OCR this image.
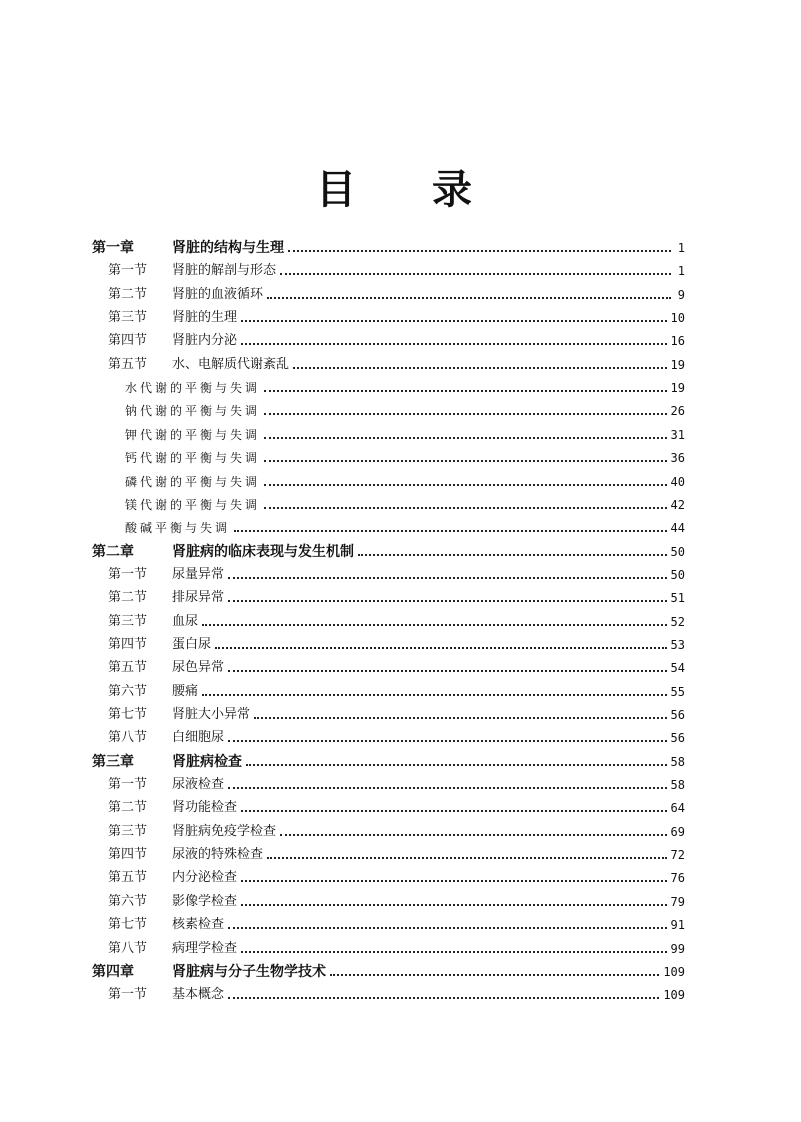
目 录
第一章	肾脏的结构与生理	1
第一节	肾脏的解剖与形态	1
第二节	肾脏的血液循环	9
第三节	肾脏的生理	10
第四节	肾脏内分泌	16
第五节	水、电解质代谢紊乱	19
水代谢的平衡与失调	19
钠代谢的平衡与失调	26
钾代谢的平衡与失调	31
钙代谢的平衡与失调	36
磷代谢的平衡与失调	40
镁代谢的平衡与失调	42
酸碱平衡与失调	44
第二章	肾脏病的临床表现与发生机制	50
第一节	尿量异常	50
第二节	排尿异常	51
第三节	血尿	52
第四节	蛋白尿	53
第五节	尿色异常	54
第六节	腰痛	55
第七节	肾脏大小异常	56
第八节	白细胞尿	56
第三章	肾脏病检查	58
第一节	尿液检查	58
第二节	肾功能检查	64
第三节	肾脏病免疫学检查	69
第四节	尿液的特殊检查	72
第五节	内分泌检查	76
第六节	影像学检查	79
第七节	核素检查	91
第八节	病理学检查	99
第四章	肾脏病与分子生物学技术	109
第一节	基本概念	109
